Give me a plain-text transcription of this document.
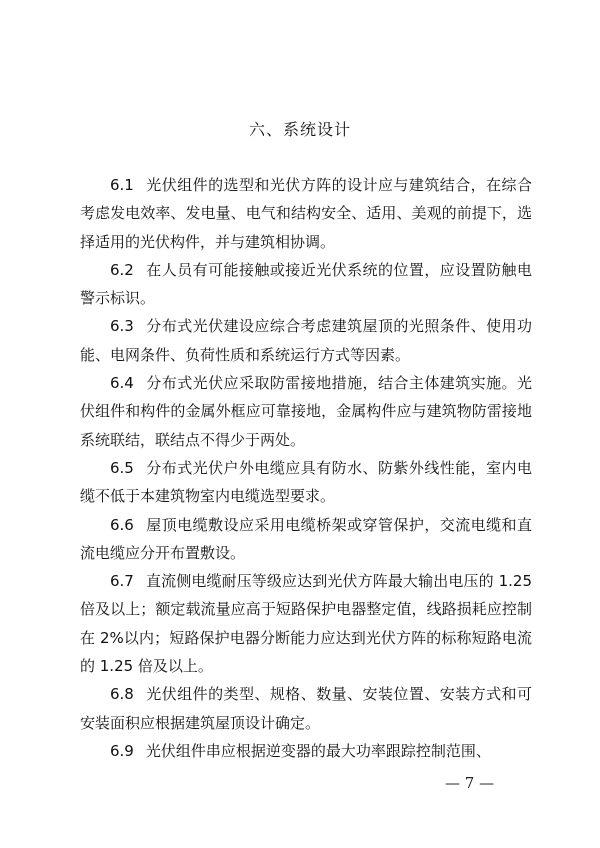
六、系统设计

6.1 光伏组件的选型和光伏方阵的设计应与建筑结合，在综合考虑发电效率、发电量、电气和结构安全、适用、美观的前提下，选择适用的光伏构件，并与建筑相协调。

6.2 在人员有可能接触或接近光伏系统的位置，应设置防触电警示标识。

6.3 分布式光伏建设应综合考虑建筑屋顶的光照条件、使用功能、电网条件、负荷性质和系统运行方式等因素。

6.4 分布式光伏应采取防雷接地措施，结合主体建筑实施。光伏组件和构件的金属外框应可靠接地，金属构件应与建筑物防雷接地系统联结，联结点不得少于两处。

6.5 分布式光伏户外电缆应具有防水、防紫外线性能，室内电缆不低于本建筑物室内电缆选型要求。

6.6 屋顶电缆敷设应采用电缆桥架或穿管保护，交流电缆和直流电缆应分开布置敷设。

6.7 直流侧电缆耐压等级应达到光伏方阵最大输出电压的 1.25 倍及以上；额定载流量应高于短路保护电器整定值，线路损耗应控制在 2%以内；短路保护电器分断能力应达到光伏方阵的标称短路电流的 1.25 倍及以上。

6.8 光伏组件的类型、规格、数量、安装位置、安装方式和可安装面积应根据建筑屋顶设计确定。

6.9 光伏组件串应根据逆变器的最大功率跟踪控制范围、

— 7 —
